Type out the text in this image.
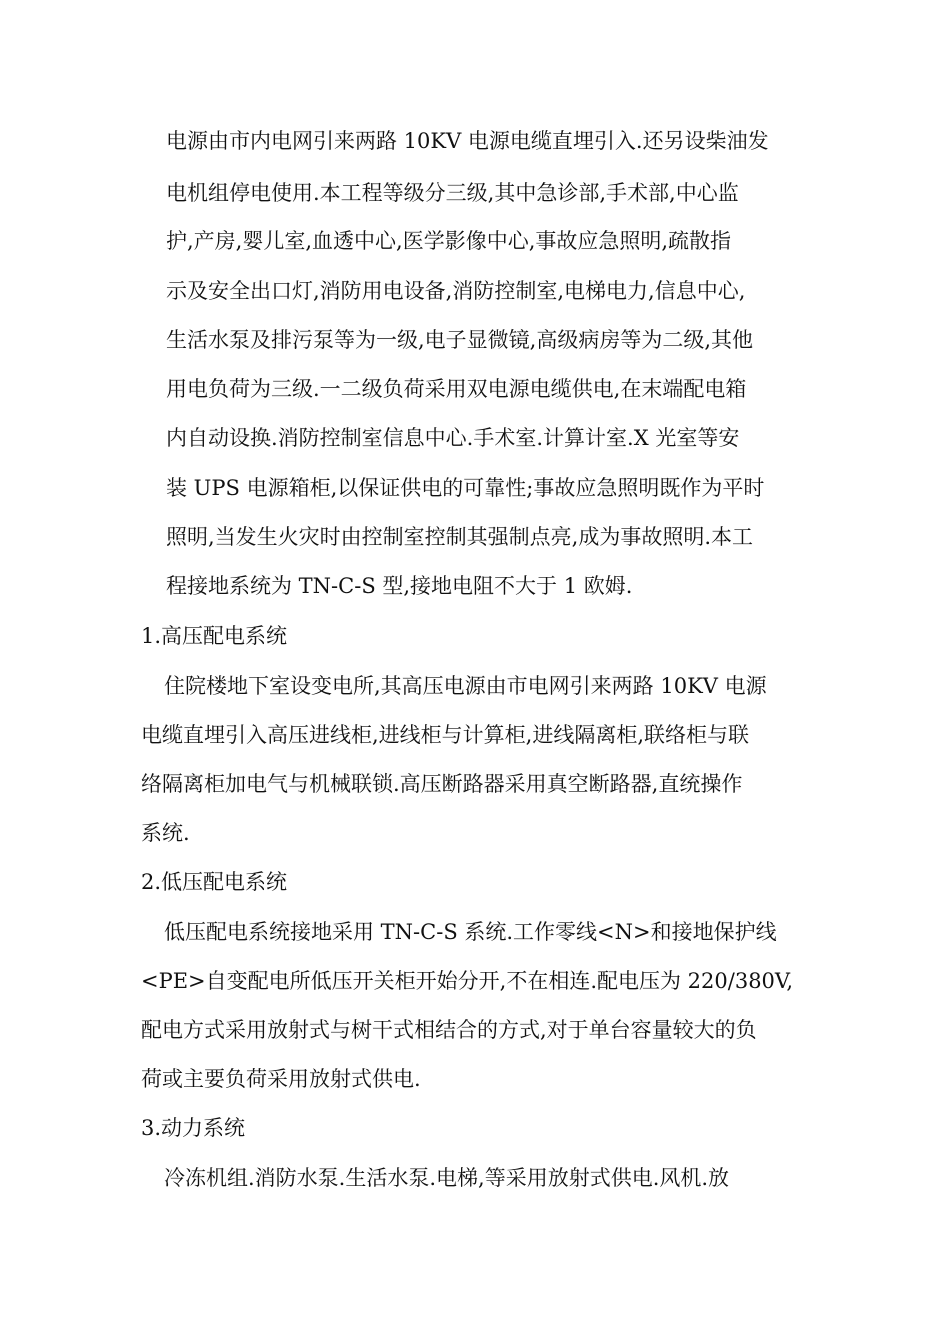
电源由市内电网引来两路 10KV 电源电缆直埋引入.还另设柴油发
电机组停电使用.本工程等级分三级,其中急诊部,手术部,中心监
护,产房,婴儿室,血透中心,医学影像中心,事故应急照明,疏散指
示及安全出口灯,消防用电设备,消防控制室,电梯电力,信息中心,
生活水泵及排污泵等为一级,电子显微镜,高级病房等为二级,其他
用电负荷为三级.一二级负荷采用双电源电缆供电,在末端配电箱
内自动设换.消防控制室信息中心.手术室.计算计室.X 光室等安
装 UPS 电源箱柜,以保证供电的可靠性;事故应急照明既作为平时
照明,当发生火灾时由控制室控制其强制点亮,成为事故照明.本工
程接地系统为 TN-C-S 型,接地电阻不大于 1 欧姆.
1.高压配电系统
住院楼地下室设变电所,其高压电源由市电网引来两路 10KV 电源
电缆直埋引入高压进线柜,进线柜与计算柜,进线隔离柜,联络柜与联
络隔离柜加电气与机械联锁.高压断路器采用真空断路器,直统操作
系统.
2.低压配电系统
低压配电系统接地采用 TN-C-S 系统.工作零线<N>和接地保护线
<PE>自变配电所低压开关柜开始分开,不在相连.配电压为 220/380V,
配电方式采用放射式与树干式相结合的方式,对于单台容量较大的负
荷或主要负荷采用放射式供电.
3.动力系统
冷冻机组.消防水泵.生活水泵.电梯,等采用放射式供电.风机.放
